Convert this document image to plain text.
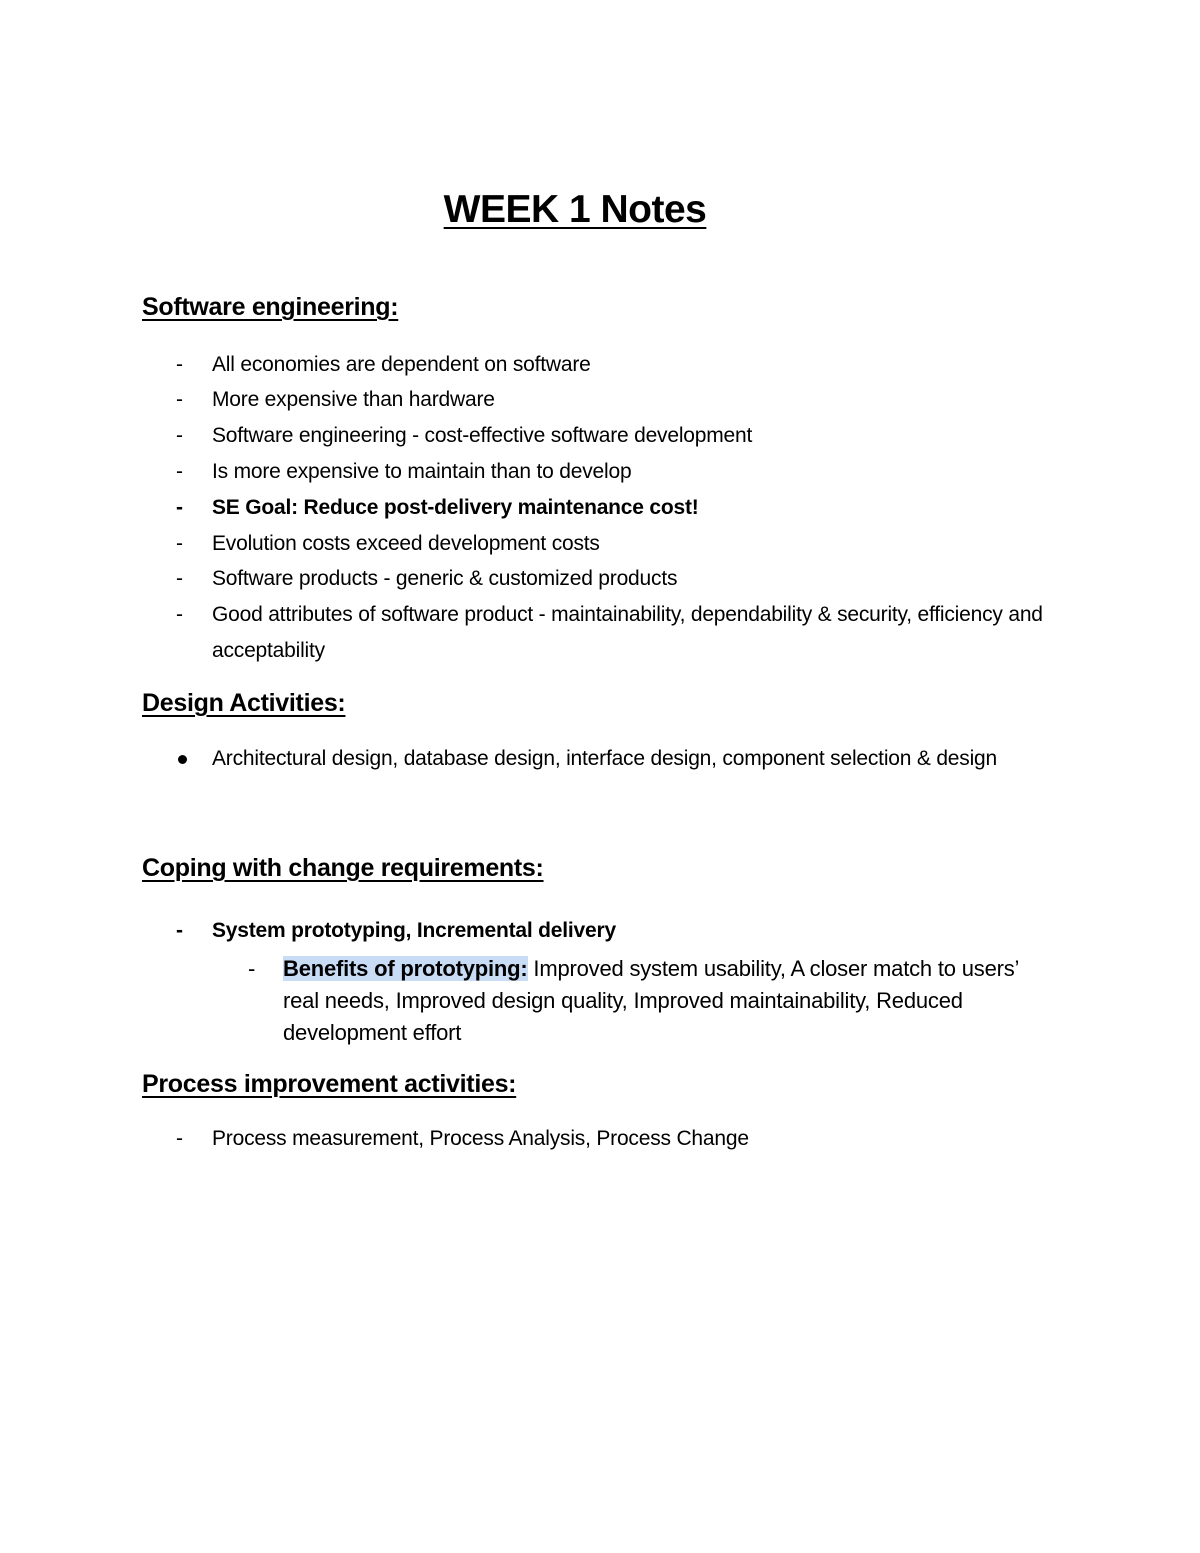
WEEK 1 Notes
Software engineering:
-	All economies are dependent on software
-	More expensive than hardware
-	Software engineering - cost-effective software development
-	Is more expensive to maintain than to develop
-	SE Goal: Reduce post-delivery maintenance cost!
-	Evolution costs exceed development costs
-	Software products - generic & customized products
-	Good attributes of software product - maintainability, dependability & security, efficiency and acceptability
Design Activities:
Architectural design, database design, interface design, component selection & design
Coping with change requirements:
-	System prototyping, Incremental delivery
- Benefits of prototyping: Improved system usability, A closer match to users’ real needs, Improved design quality, Improved maintainability, Reduced development effort
Process improvement activities:
-	Process measurement, Process Analysis, Process Change
